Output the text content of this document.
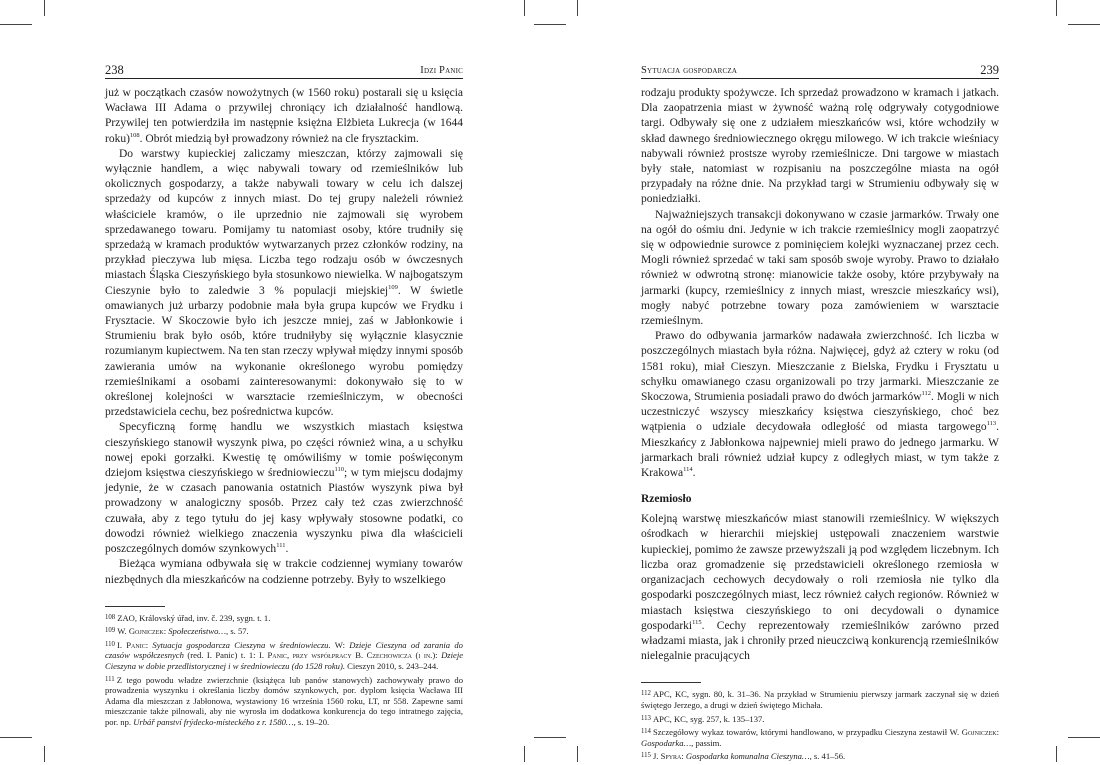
238	Idzi Panic

już w początkach czasów nowożytnych (w 1560 roku) postarali się u księcia Wacława III Adama o przywilej chroniący ich działalność handlową. Przywilej ten potwierdziła im następnie księżna Elżbieta Lukrecja (w 1644 roku)$^{108}$. Obrót miedzią był prowadzony również na cle frysztackim.

Do warstwy kupieckiej zaliczamy mieszczan, którzy zajmowali się wyłącznie handlem, a więc nabywali towary od rzemieślników lub okolicznych gospodarzy, a także nabywali towary w celu ich dalszej sprzedaży od kupców z innych miast. Do tej grupy należeli również właściciele kramów, o ile uprzednio nie zajmowali się wyrobem sprzedawanego towaru. Pomijamy tu natomiast osoby, które trudniły się sprzedażą w kramach produktów wytwarzanych przez członków rodziny, na przykład pieczywa lub mięsa. Liczba tego rodzaju osób w ówczesnych miastach Śląska Cieszyńskiego była stosunkowo niewielka. W najbogatszym Cieszynie było to zaledwie 3 % populacji miejskiej$^{109}$. W świetle omawianych już urbarzy podobnie mała była grupa kupców we Frydku i Frysztacie. W Skoczowie było ich jeszcze mniej, zaś w Jabłonkowie i Strumieniu brak było osób, które trudniłyby się wyłącznie klasycznie rozumianym kupiectwem. Na ten stan rzeczy wpływał między innymi sposób zawierania umów na wykonanie określonego wyrobu pomiędzy rzemieślnikami a osobami zainteresowanymi: dokonywało się to w określonej kolejności w warsztacie rzemieślniczym, w obecności przedstawiciela cechu, bez pośrednictwa kupców.

Specyficzną formę handlu we wszystkich miastach księstwa cieszyńskiego stanowił wyszynk piwa, po części również wina, a u schyłku nowej epoki gorzałki. Kwestię tę omówiliśmy w tomie poświęconym dziejom księstwa cieszyńskiego w średniowieczu$^{110}$; w tym miejscu dodajmy jedynie, że w czasach panowania ostatnich Piastów wyszynk piwa był prowadzony w analogiczny sposób. Przez cały też czas zwierzchność czuwała, aby z tego tytułu do jej kasy wpływały stosowne podatki, co dowodzi również wielkiego znaczenia wyszynku piwa dla właścicieli poszczególnych domów szynkowych$^{111}$.

Bieżąca wymiana odbywała się w trakcie codziennej wymiany towarów niezbędnych dla mieszkańców na codzienne potrzeby. Były to wszelkiego

$^{108}$ ZAO, Královský úřad, inv. č. 239, sygn. t. 1.
$^{109}$ W. Gojniczek: Społeczeństwo…, s. 57.
$^{110}$ I. Panic: Sytuacja gospodarcza Cieszyna w średniowieczu. W: Dzieje Cieszyna od zarania do czasów współczesnych (red. I. Panic) t. 1: I. Panic, przy współpracy B. Czechowicza (i in.): Dzieje Cieszyna w dobie przedlistorycznej i w średniowieczu (do 1528 roku). Cieszyn 2010, s. 243–244.
$^{111}$ Z tego powodu władze zwierzchnie (książęca lub panów stanowych) zachowywały prawo do prowadzenia wyszynku i określania liczby domów szynkowych, por. dyplom księcia Wacława III Adama dla mieszczan z Jabłonowa, wystawiony 16 września 1560 roku, LT, nr 558. Zapewne sami mieszczanie także pilnowali, aby nie wyrosła im dodatkowa konkurencja do tego intratnego zajęcia, por. np. Urbář panství frýdecko-místeckého z r. 1580…, s. 19–20.
Sytuacja gospodarcza	239

rodzaju produkty spożywcze. Ich sprzedaż prowadzono w kramach i jatkach. Dla zaopatrzenia miast w żywność ważną rolę odgrywały cotygodniowe targi. Odbywały się one z udziałem mieszkańców wsi, które wchodziły w skład dawnego średniowiecznego okręgu milowego. W ich trakcie wieśniacy nabywali również prostsze wyroby rzemieślnicze. Dni targowe w miastach były stałe, natomiast w rozpisaniu na poszczególne miasta na ogół przypadały na różne dnie. Na przykład targi w Strumieniu odbywały się w poniedziałki.

Najważniejszych transakcji dokonywano w czasie jarmarków. Trwały one na ogół do ośmiu dni. Jedynie w ich trakcie rzemieślnicy mogli zaopatrzyć się w odpowiednie surowce z pominięciem kolejki wyznaczanej przez cech. Mogli również sprzedać w taki sam sposób swoje wyroby. Prawo to działało również w odwrotną stronę: mianowicie także osoby, które przybywały na jarmarki (kupcy, rzemieślnicy z innych miast, wreszcie mieszkańcy wsi), mogły nabyć potrzebne towary poza zamówieniem w warsztacie rzemieślnym.

Prawo do odbywania jarmarków nadawała zwierzchność. Ich liczba w poszczególnych miastach była różna. Najwięcej, gdyż aż cztery w roku (od 1581 roku), miał Cieszyn. Mieszczanie z Bielska, Frydku i Frysztatu u schyłku omawianego czasu organizowali po trzy jarmarki. Mieszczanie ze Skoczowa, Strumienia posiadali prawo do dwóch jarmarków$^{112}$. Mogli w nich uczestniczyć wszyscy mieszkańcy księstwa cieszyńskiego, choć bez wątpienia o udziale decydowała odległość od miasta targowego$^{113}$. Mieszkańcy z Jabłonkowa najpewniej mieli prawo do jednego jarmarku. W jarmarkach brali również udział kupcy z odległych miast, w tym także z Krakowa$^{114}$.

Rzemiosło

Kolejną warstwę mieszkańców miast stanowili rzemieślnicy. W większych ośrodkach w hierarchii miejskiej ustępowali znaczeniem warstwie kupieckiej, pomimo że zawsze przewyższali ją pod względem liczebnym. Ich liczba oraz gromadzenie się przedstawicieli określonego rzemiosła w organizacjach cechowych decydowały o roli rzemiosła nie tylko dla gospodarki poszczególnych miast, lecz również całych regionów. Również w miastach księstwa cieszyńskiego to oni decydowali o dynamice gospodarki$^{115}$. Cechy reprezentowały rzemieślników zarówno przed władzami miasta, jak i chroniły przed nieuczciwą konkurencją rzemieślników nielegalnie pracujących

$^{112}$ APC, KC, sygn. 80, k. 31–36. Na przykład w Strumieniu pierwszy jarmark zaczynał się w dzień świętego Jerzego, a drugi w dzień świętego Michała.
$^{113}$ APC, KC, syg. 257, k. 135–137.
$^{114}$ Szczegółowy wykaz towarów, którymi handlowano, w przypadku Cieszyna zestawił W. Gojniczek: Gospodarka…, passim.
$^{115}$ J. Spyra: Gospodarka komunalna Cieszyna…, s. 41–56.
